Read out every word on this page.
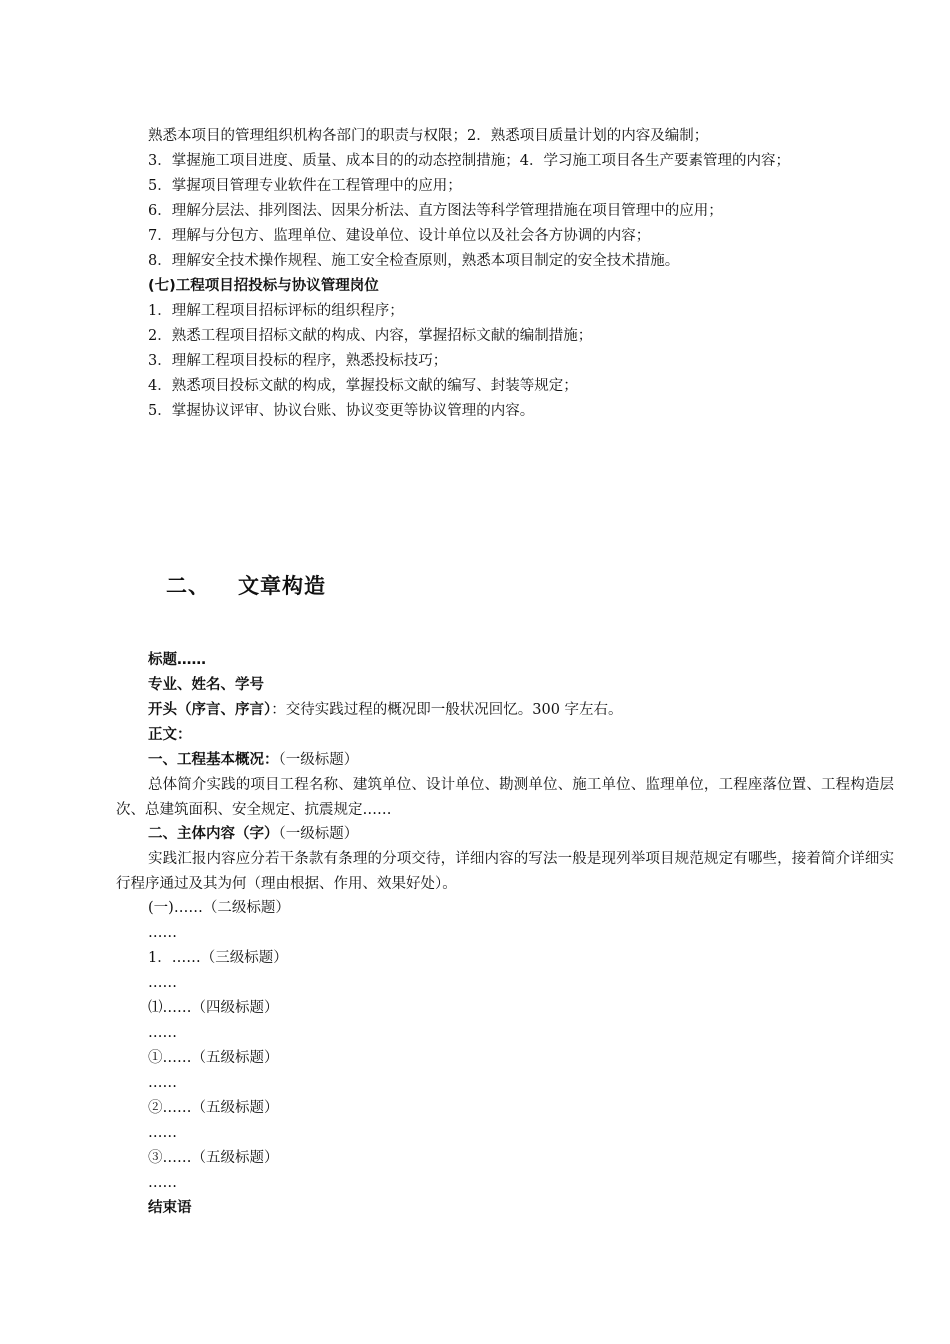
熟悉本项目的管理组织机构各部门的职责与权限；2．熟悉项目质量计划的内容及编制；
3．掌握施工项目进度、质量、成本目的的动态控制措施；4．学习施工项目各生产要素管理的内容；
5．掌握项目管理专业软件在工程管理中的应用；
6．理解分层法、排列图法、因果分析法、直方图法等科学管理措施在项目管理中的应用；
7．理解与分包方、监理单位、建设单位、设计单位以及社会各方协调的内容；
8．理解安全技术操作规程、施工安全检查原则，熟悉本项目制定的安全技术措施。
(七)工程项目招投标与协议管理岗位
1．理解工程项目招标评标的组织程序；
2．熟悉工程项目招标文献的构成、内容，掌握招标文献的编制措施；
3．理解工程项目投标的程序，熟悉投标技巧；
4．熟悉项目投标文献的构成，掌握投标文献的编写、封装等规定；
5．掌握协议评审、协议台账、协议变更等协议管理的内容。
二、 文章构造
标题……
专业、姓名、学号
开头（序言、序言）：交待实践过程的概况即一般状况回忆。300 字左右。
正文：
一、工程基本概况：（一级标题）
总体简介实践的项目工程名称、建筑单位、设计单位、勘测单位、施工单位、监理单位，工程座落位置、工程构造层次、总建筑面积、安全规定、抗震规定……
二、主体内容（字）（一级标题）
实践汇报内容应分若干条款有条理的分项交待，详细内容的写法一般是现列举项目规范规定有哪些，接着简介详细实行程序通过及其为何（理由根据、作用、效果好处）。
(一)……（二级标题）
……
1．……（三级标题）
……
⑴……（四级标题）
……
①……（五级标题）
……
②……（五级标题）
……
③……（五级标题）
……
结束语
